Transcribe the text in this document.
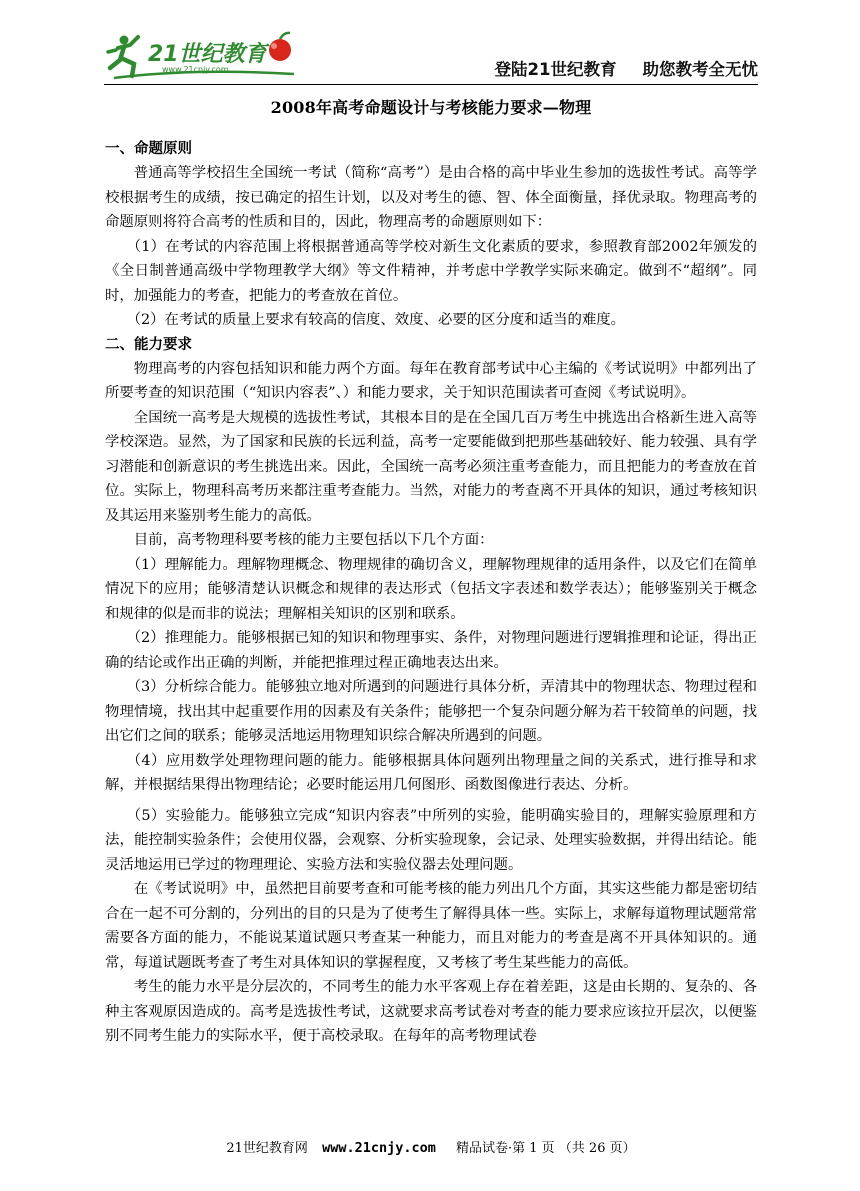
21世纪教育
www.21cnjy.com	登陆21世纪教育 助您教考全无忧
2008年高考命题设计与考核能力要求—物理
一、命题原则

普通高等学校招生全国统一考试（简称“高考”）是由合格的高中毕业生参加的选拔性考试。高等学校根据考生的成绩，按已确定的招生计划，以及对考生的德、智、体全面衡量，择优录取。物理高考的命题原则将符合高考的性质和目的，因此，物理高考的命题原则如下：

（1）在考试的内容范围上将根据普通高等学校对新生文化素质的要求，参照教育部2002年颁发的《全日制普通高级中学物理教学大纲》等文件精神，并考虑中学教学实际来确定。做到不“超纲”。同时，加强能力的考查，把能力的考查放在首位。

（2）在考试的质量上要求有较高的信度、效度、必要的区分度和适当的难度。

二、能力要求

物理高考的内容包括知识和能力两个方面。每年在教育部考试中心主编的《考试说明》中都列出了所要考查的知识范围（“知识内容表”、）和能力要求，关于知识范围读者可查阅《考试说明》。

全国统一高考是大规模的选拔性考试，其根本目的是在全国几百万考生中挑选出合格新生进入高等学校深造。显然，为了国家和民族的长远利益，高考一定要能做到把那些基础较好、能力较强、具有学习潜能和创新意识的考生挑选出来。因此，全国统一高考必须注重考查能力，而且把能力的考查放在首位。实际上，物理科高考历来都注重考查能力。当然，对能力的考查离不开具体的知识，通过考核知识及其运用来鉴别考生能力的高低。

目前，高考物理科要考核的能力主要包括以下几个方面：

（1）理解能力。理解物理概念、物理规律的确切含义，理解物理规律的适用条件，以及它们在简单情况下的应用；能够清楚认识概念和规律的表达形式（包括文字表述和数学表达）；能够鉴别关于概念和规律的似是而非的说法；理解相关知识的区别和联系。

（2）推理能力。能够根据已知的知识和物理事实、条件，对物理问题进行逻辑推理和论证，得出正确的结论或作出正确的判断，并能把推理过程正确地表达出来。

（3）分析综合能力。能够独立地对所遇到的问题进行具体分析，弄清其中的物理状态、物理过程和物理情境，找出其中起重要作用的因素及有关条件；能够把一个复杂问题分解为若干较简单的问题，找出它们之间的联系；能够灵活地运用物理知识综合解决所遇到的问题。

（4）应用数学处理物理问题的能力。能够根据具体问题列出物理量之间的关系式，进行推导和求解，并根据结果得出物理结论；必要时能运用几何图形、函数图像进行表达、分析。

（5）实验能力。能够独立完成“知识内容表”中所列的实验，能明确实验目的，理解实验原理和方法，能控制实验条件；会使用仪器，会观察、分析实验现象，会记录、处理实验数据，并得出结论。能灵活地运用已学过的物理理论、实验方法和实验仪器去处理问题。

在《考试说明》中，虽然把目前要考查和可能考核的能力列出几个方面，其实这些能力都是密切结合在一起不可分割的，分列出的目的只是为了使考生了解得具体一些。实际上，求解每道物理试题常常需要各方面的能力，不能说某道试题只考查某一种能力，而且对能力的考查是离不开具体知识的。通常，每道试题既考查了考生对具体知识的掌握程度，又考核了考生某些能力的高低。

考生的能力水平是分层次的，不同考生的能力水平客观上存在着差距，这是由长期的、复杂的、各种主客观原因造成的。高考是选拔性考试，这就要求高考试卷对考查的能力要求应该拉开层次，以便鉴别不同考生能力的实际水平，便于高校录取。在每年的高考物理试卷

21世纪教育网 www.21cnjy.com 精品试卷·第 1 页 （共 26 页）
